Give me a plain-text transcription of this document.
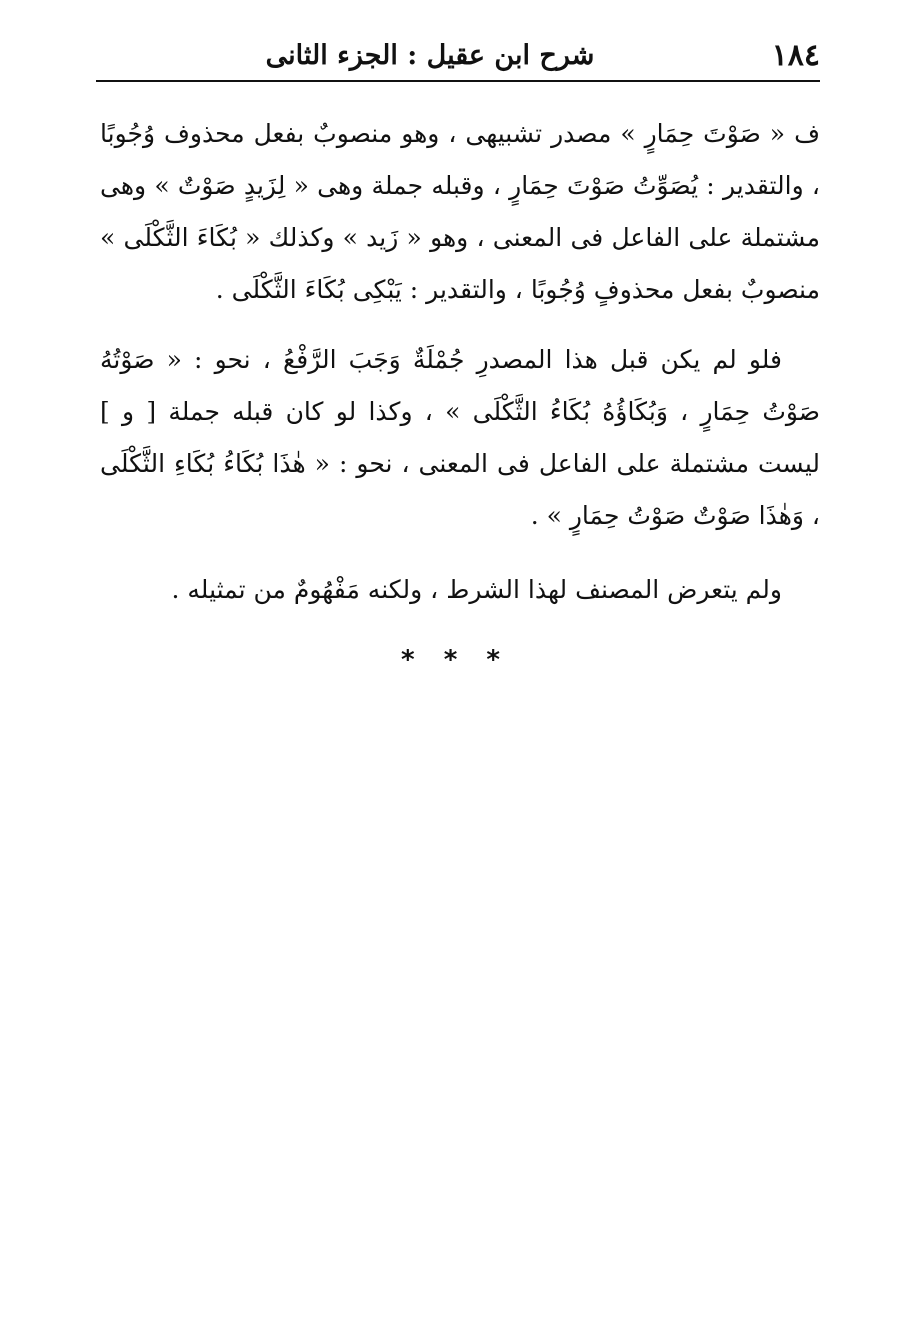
١٨٤
شرح ابن عقيل : الجزء الثانى

ف « صَوْتَ حِمَارٍ » مصدر تشبيهى ، وهو منصوبٌ بفعل محذوف وُجُوبًا ، والتقدير : يُصَوِّتُ صَوْتَ حِمَارٍ ، وقبله جملة وهى « لِزَيدٍ صَوْتٌ » وهى مشتملة على الفاعل فى المعنى ، وهو « زَيد » وكذلك « بُكَاءَ الثَّكْلَى » منصوبٌ بفعل محذوفٍ وُجُوبًا ، والتقدير : يَبْكِى بُكَاءَ الثَّكْلَى .

فلو لم يكن قبل هذا المصدرِ جُمْلَةٌ وَجَبَ الرَّفْعُ ، نحو : « صَوْتُهُ صَوْتُ حِمَارٍ ، وَبُكَاؤُهُ بُكَاءُ الثَّكْلَى » ، وكذا لو كان قبله جملة [ و ] ليست مشتملة على الفاعل فى المعنى ، نحو : « هٰذَا بُكَاءُ بُكَاءِ الثَّكْلَى ، وَهٰذَا صَوْتٌ صَوْتُ حِمَارٍ » .

ولم يتعرض المصنف لهذا الشرط ، ولكنه مَفْهُومٌ من تمثيله .

* * *
